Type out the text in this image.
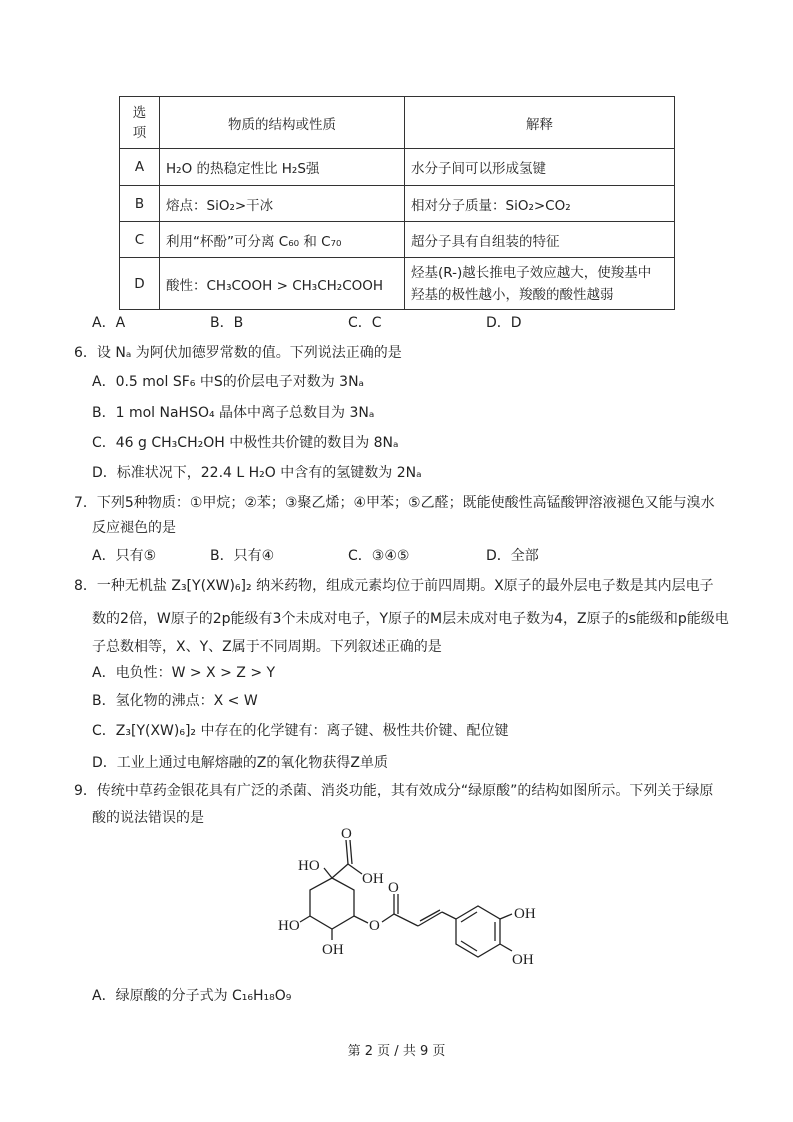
选项	物质的结构或性质	解释
A	H₂O 的热稳定性比 H₂S强	水分子间可以形成氢键
B	熔点：SiO₂>干冰	相对分子质量：SiO₂>CO₂
C	利用“杯酚”可分离 C₆₀ 和 C₇₀	超分子具有自组装的特征
D	酸性：CH₃COOH > CH₃CH₂COOH	烃基(R-)越长推电子效应越大，使羧基中
羟基的极性越小，羧酸的酸性越弱
A．A	B．B	C．C	D．D
6．设 Nₐ 为阿伏加德罗常数的值。下列说法正确的是
A．0.5 mol SF₆ 中S的价层电子对数为 3Nₐ
B．1 mol NaHSO₄ 晶体中离子总数目为 3Nₐ
C．46 g CH₃CH₂OH 中极性共价键的数目为 8Nₐ
D．标准状况下，22.4 L H₂O 中含有的氢键数为 2Nₐ
7．下列5种物质：①甲烷；②苯；③聚乙烯；④甲苯；⑤乙醛；既能使酸性高锰酸钾溶液褪色又能与溴水
反应褪色的是
A．只有⑤	B．只有④	C．③④⑤	D．全部
8．一种无机盐 Z₃[Y(XW)₆]₂ 纳米药物，组成元素均位于前四周期。X原子的最外层电子数是其内层电子
数的2倍，W原子的2p能级有3个未成对电子，Y原子的M层未成对电子数为4，Z原子的s能级和p能级电
子总数相等，X、Y、Z属于不同周期。下列叙述正确的是
A．电负性：W > X > Z > Y
B．氢化物的沸点：X < W
C．Z₃[Y(XW)₆]₂ 中存在的化学键有：离子键、极性共价键、配位键
D．工业上通过电解熔融的Z的氧化物获得Z单质
9．传统中草药金银花具有广泛的杀菌、消炎功能，其有效成分“绿原酸”的结构如图所示。下列关于绿原
酸的说法错误的是
O
HO
OH
O
OH
HO	O
OH
OH
A．绿原酸的分子式为 C₁₆H₁₈O₉
第 2 页 / 共 9 页
